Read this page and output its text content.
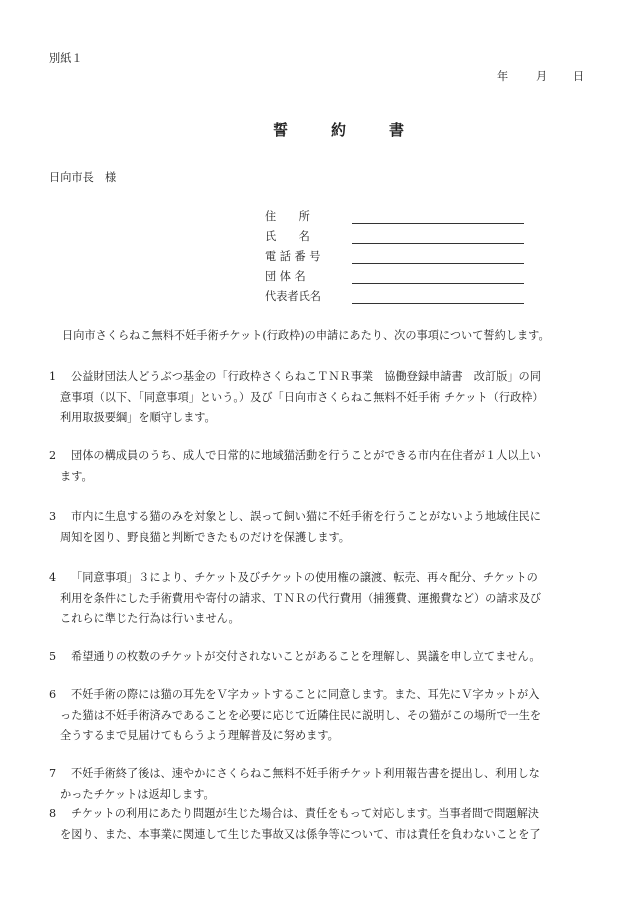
別紙１
年 月 日
誓　約　書
日向市長　様
住　　所
氏　　名
電 話 番 号
団 体 名
代表者氏名
日向市さくらねこ無料不妊手術チケット(行政枠)の申請にあたり、次の事項について誓約します。
1 公益財団法人どうぶつ基金の「行政枠さくらねこＴＮＲ事業　協働登録申請書　改訂版」の同
意事項（以下、「同意事項」という。）及び「日向市さくらねこ無料不妊手術 チケット（行政枠）
利用取扱要綱」を順守します。
2 団体の構成員のうち、成人で日常的に地域猫活動を行うことができる市内在住者が１人以上い
ます。
3 市内に生息する猫のみを対象とし、誤って飼い猫に不妊手術を行うことがないよう地域住民に
周知を図り、野良猫と判断できたものだけを保護します。
4 「同意事項」３により、チケット及びチケットの使用権の譲渡、転売、再々配分、チケットの
利用を条件にした手術費用や寄付の請求、ＴＮＲの代行費用（捕獲費、運搬費など）の請求及び
これらに準じた行為は行いません。
5 希望通りの枚数のチケットが交付されないことがあることを理解し、異議を申し立てません。
6 不妊手術の際には猫の耳先をＶ字カットすることに同意します。また、耳先にＶ字カットが入
った猫は不妊手術済みであることを必要に応じて近隣住民に説明し、その猫がこの場所で一生を
全うするまで見届けてもらうよう理解普及に努めます。
7 不妊手術終了後は、速やかにさくらねこ無料不妊手術チケット利用報告書を提出し、利用しな
かったチケットは返却します。
8 チケットの利用にあたり問題が生じた場合は、責任をもって対応します。当事者間で問題解決
を図り、また、本事業に関連して生じた事故又は係争等について、市は責任を負わないことを了
